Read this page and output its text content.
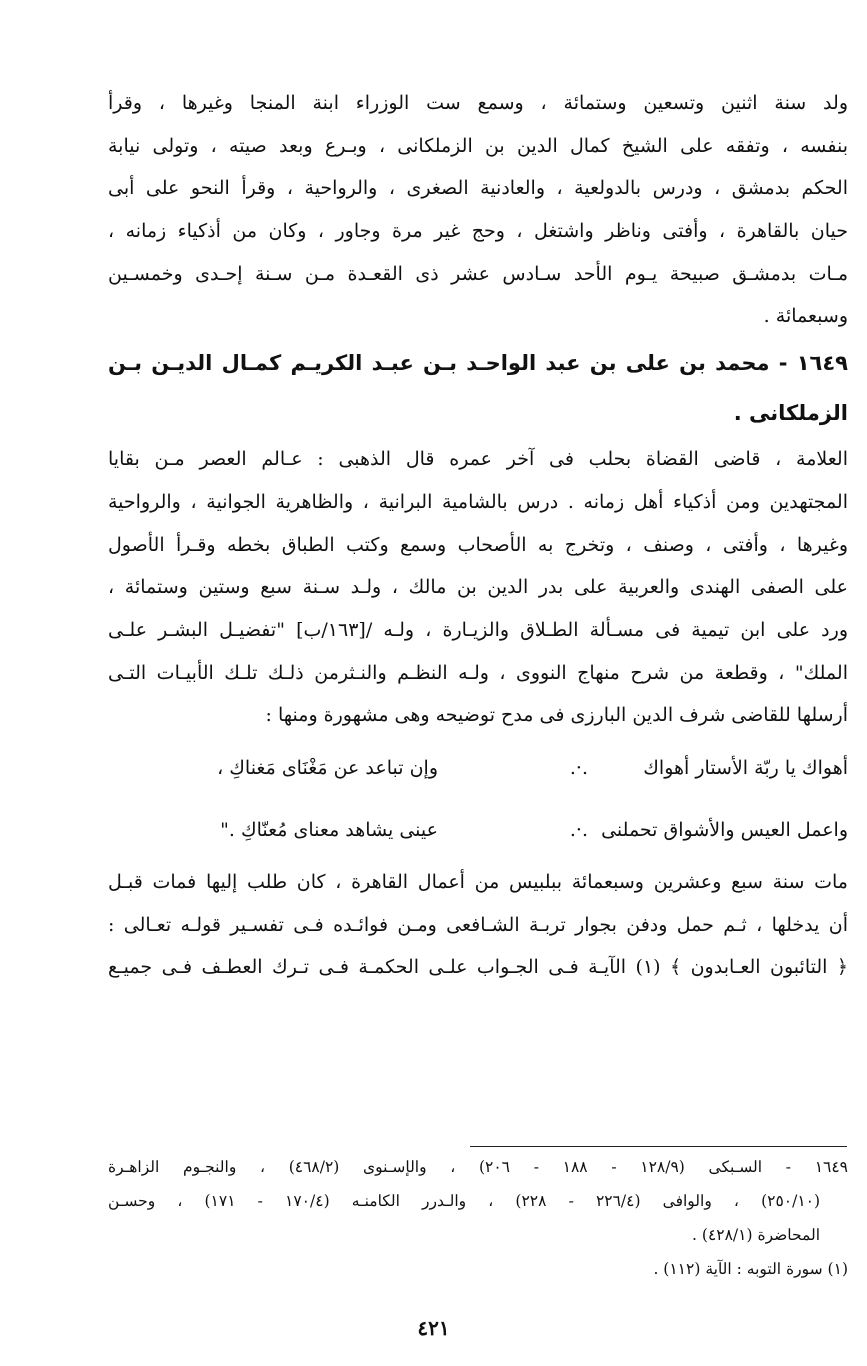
ولد سنة اثنين وتسعين وستمائة ، وسمع ست الوزراء ابنة المنجا وغيرها ، وقرأ
بنفسه ، وتفقه على الشيخ كمال الدين بن الزملكانى ، وبـرع وبعد صيته ، وتولى نيابة
الحكم بدمشق ، ودرس بالدولعية ، والعادنية الصغرى ، والرواحية ، وقرأ النحو على أبى
حيان بالقاهرة ، وأفتى وناظر واشتغل ، وحج غير مرة وجاور ، وكان من أذكياء زمانه ،
مـات بدمشـق صبيحة يـوم الأحد سـادس عشر ذى القعـدة مـن سـنة إحـدى وخمسـين
وسبعمائة .
١٦٤٩ - محمد بن على بن عبد الواحـد بـن عبـد الكريـم كمـال الديـن بـن
الزملكانى .
العلامة ، قاضى القضاة بحلب فى آخر عمره قال الذهبى : عـالم العصر مـن بقايا
المجتهدين ومن أذكياء أهل زمانه . درس بالشامية البرانية ، والظاهرية الجوانية ، والرواحية
وغيرها ، وأفتى ، وصنف ، وتخرج به الأصحاب وسمع وكتب الطباق بخطه وقـرأ الأصول
على الصفى الهندى والعربية على بدر الدين بن مالك ، ولـد سـنة سبع وستين وستمائة ،
ورد على ابن تيمية فى مسـألة الطـلاق والزيـارة ، ولـه /[١٦٣/ب] "تفضيـل البشـر علـى
الملك" ، وقطعة من شرح منهاج النووى ، ولـه النظـم والنـثرمن ذلـك تلـك الأبيـات التـى
أرسلها للقاضى شرف الدين البارزى فى مدح توضيحه وهى مشهورة ومنها :
أهواك يا ربّة الأستار أهواك
.·.
وإن تباعد عن مَغْنَاى مَغناكِ ،
واعمل العيس والأشواق تحملنى
.·.
عينى يشاهد معناى مُعنّاكِ ."
مات سنة سبع وعشرين وسبعمائة ببلبيس من أعمال القاهرة ، كان طلب إليها فمات قبـل
أن يدخلها ، ثـم حمل ودفن بجوار تربـة الشـافعى ومـن فوائـده فـى تفسـير قولـه تعـالى :
﴿ التائبون العـابدون ﴾ (١) الآيـة فـى الجـواب علـى الحكمـة فـى تـرك العطـف فـى جميـع
١٦٤٩ - السـبكى (١٢٨/٩ - ١٨٨ - ٢٠٦) ، والإسـنوى (٤٦٨/٢) ، والنجـوم الزاهـرة
(٢٥٠/١٠) ، والوافى (٢٢٦/٤ - ٢٢٨) ، والـدرر الكامنـه (١٧٠/٤ - ١٧١) ، وحسـن
المحاضرة (٤٢٨/١) .
(١) سورة التوبه : الآية (١١٢) .
٤٢١
